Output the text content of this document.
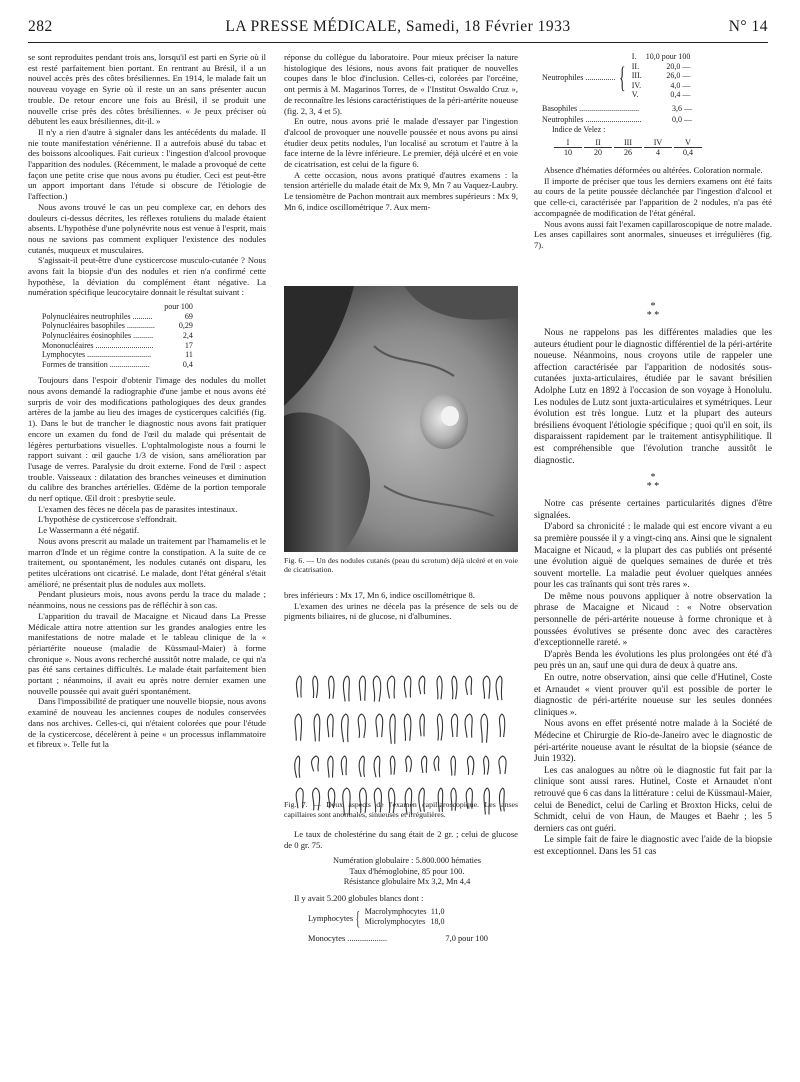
282	LA PRESSE MÉDICALE, Samedi, 18 Février 1933	N° 14

se sont reproduites pendant trois ans, lorsqu'il est parti en Syrie où il est resté parfaitement bien portant. En rentrant au Brésil, il a un nouvel accès près des côtes brésiliennes. En 1914, le malade fait un nouveau voyage en Syrie où il reste un an sans présenter aucun trouble. De retour encore une fois au Brésil, il se produit une nouvelle crise près des côtes brésiliennes. « Je peux préciser où débutent les eaux brésiliennes, dit-il. »

Il n'y a rien d'autre à signaler dans les antécédents du malade. Il nie toute manifestation vénérienne. Il a autrefois abusé du tabac et des boissons alcooliques. Fait curieux : l'ingestion d'alcool provoque l'apparition des nodules. (Récemment, le malade a provoqué de cette façon une petite crise que nous avons pu étudier. Ceci est peut-être un apport important dans l'étude si obscure de l'étiologie de l'affection.)

Nous avons trouvé le cas un peu complexe car, en dehors des douleurs ci-dessus décrites, les réflexes rotuliens du malade étaient absents. L'hypothèse d'une polynévrite nous est venue à l'esprit, mais nous ne savions pas comment expliquer l'existence des nodules cutanés, muqueux et musculaires.

S'agissait-il peut-être d'une cysticercose musculo-cutanée ? Nous avons fait la biopsie d'un des nodules et rien n'a confirmé cette hypothèse, la déviation du complément étant négative. La numération spécifique leucocytaire donnait le résultat suivant :

	pour 100
Polynucléaires neutrophiles ..........	69
Polynucléaires basophiles ..............	0,29
Polynucléaires éosinophiles ..........	2,4
Mononucléaires .............................	17
Lymphocytes ................................	11
Formes de transition ....................	0,4

Toujours dans l'espoir d'obtenir l'image des nodules du mollet nous avons demandé la radiographie d'une jambe et nous avons été surpris de voir des modifications pathologiques des deux grandes artères de la jambe au lieu des images de cysticerques calcifiés (fig. 1). Dans le but de trancher le diagnostic nous avons fait pratiquer encore un examen du fond de l'œil du malade qui présentait de légères perturbations visuelles. L'ophtalmologiste nous a fourni le rapport suivant : œil gauche 1/3 de vision, sans amélioration par l'usage de verres. Paralysie du droit externe. Fond de l'œil : aspect trouble. Vaisseaux : dilatation des branches veineuses et diminution du calibre des branches artérielles. Œdème de la portion temporale du nerf optique. Œil droit : presbytie seule.

L'examen des fèces ne décela pas de parasites intestinaux.

L'hypothèse de cysticercose s'effondrait.

Le Wassermann a été négatif.

Nous avons prescrit au malade un traitement par l'hamamelis et le marron d'Inde et un régime contre la constipation. A la suite de ce traitement, ou spontanément, les nodules cutanés ont disparu, les petites ulcérations ont cicatrisé. Le malade, dont l'état général s'était amélioré, ne présentait plus de nodules aux mollets.

Pendant plusieurs mois, nous avons perdu la trace du malade ; néanmoins, nous ne cessions pas de réfléchir à son cas.

L'apparition du travail de Macaigne et Nicaud dans La Presse Médicale attira notre attention sur les grandes analogies entre les manifestations de notre malade et le tableau clinique de la « périartérite noueuse (maladie de Küssmaul-Maier) à forme chronique ». Nous avons recherché aussitôt notre malade, ce qui n'a pas été sans certaines difficultés. Le malade était parfaitement bien portant ; néanmoins, il avait eu après notre dernier examen une nouvelle poussée qui avait guéri spontanément.

Dans l'impossibilité de pratiquer une nouvelle biopsie, nous avons examiné de nouveau les anciennes coupes de nodules conservées dans nos archives. Celles-ci, qui n'étaient colorées que pour l'étude de la cysticercose, décelèrent à peine « un processus inflammatoire et fibreux ». Telle fut la

réponse du collègue du laboratoire. Pour mieux préciser la nature histologique des lésions, nous avons fait pratiquer de nouvelles coupes dans le bloc d'inclusion. Celles-ci, colorées par l'orcéine, ont permis à M. Magarinos Torres, de « l'Institut Oswaldo Cruz », de reconnaître les lésions caractéristiques de la péri-artérite noueuse (fig. 2, 3, 4 et 5).

En outre, nous avons prié le malade d'essayer par l'ingestion d'alcool de provoquer une nouvelle poussée et nous avons pu ainsi étudier deux petits nodules, l'un localisé au scrotum et l'autre à la face interne de la lèvre inférieure. Le premier, déjà ulcéré et en voie de cicatrisation, est celui de la figure 6.

A cette occasion, nous avons pratiqué d'autres examens : la tension artérielle du malade était de Mx 9, Mn 7 au Vaquez-Laubry. Le tensiomètre de Pachon montrait aux membres supérieurs : Mx 9, Mn 6, indice oscillométrique 7. Aux mem-

Neutrophiles ............... {
I.	10,0 pour 100
II.	20,0 —
III.	26,0 —
IV.	4,0 —
V.	0,4 —
Basophiles ..............................	3,6 —
Neutrophiles ............................	0,0 —
Indice de Velez :
$\frac{I}{10} \frac{II}{20} \frac{\text{III}}{26} \frac{IV}{4} \frac{V}{0,4}$

Absence d'hématies déformées ou altérées. Coloration normale.

Il importe de préciser que tous les derniers examens ont été faits au cours de la petite poussée déclanchée par l'ingestion d'alcool et que celle-ci, caractérisée par l'apparition de 2 nodules, n'a pas été accompagnée de modification de l'état général.

Nous avons aussi fait l'examen capillaroscopique de notre malade. Les anses capillaires sont anormales, sinueuses et irrégulières (fig. 7).

Fig. 6. — Un des nodules cutanés (peau du scrotum) déjà ulcéré et en voie de cicatrisation.

bres inférieurs : Mx 17, Mn 6, indice oscillométrique 8.

L'examen des urines ne décela pas la présence de sels ou de pigments biliaires, ni de glucose, ni d'albumines.

Fig. 7. — Deux aspects de l'examen capillaroscopique. Les anses capillaires sont anormales, sinueuses et irrégulières.

Le taux de cholestérine du sang était de 2 gr. ; celui de glucose de 0 gr. 75.

Numération globulaire : 5.800.000 hématies
Taux d'hémoglobine, 85 pour 100.
Résistance globulaire Mx 3,2, Mn 4,4

Il y avait 5.200 globules blancs dont :

Lymphocytes { Macrolymphocytes	11,0
Microlymphocytes	18,0
Monocytes ...................	7,0 pour 100
*
* *

Nous ne rappelons pas les différentes maladies que les auteurs étudient pour le diagnostic différentiel de la péri-artérite noueuse. Néanmoins, nous croyons utile de rappeler une affection caractérisée par l'apparition de nodosités sous-cutanées juxta-articulaires, étudiée par le savant brésilien Adolphe Lutz en 1892 à l'occasion de son voyage à Honolulu. Les nodules de Lutz sont juxta-articulaires et symétriques. Leur évolution est très longue. Lutz et la plupart des auteurs brésiliens évoquent l'étiologie spécifique ; quoi qu'il en soit, ils disparaissent rapidement par le traitement antisyphilitique. Il est compréhensible que l'évolution tranche aussitôt le diagnostic.

*
* *

Notre cas présente certaines particularités dignes d'être signalées.

D'abord sa chronicité : le malade qui est encore vivant a eu sa première poussée il y a vingt-cinq ans. Ainsi que le signalent Macaigne et Nicaud, « la plupart des cas publiés ont présenté une évolution aiguë de quelques semaines de durée et très souvent mortelle. La maladie peut évoluer quelques années pour les cas traînants qui sont très rares ».

De même nous pouvons appliquer à notre observation la phrase de Macaigne et Nicaud : « Notre observation personnelle de péri-artérite noueuse à forme chronique et à poussées évolutives se présente donc avec des caractères d'exceptionnelle rareté. »

D'après Benda les évolutions les plus prolongées ont été d'à peu près un an, sauf une qui dura de deux à quatre ans.

En outre, notre observation, ainsi que celle d'Hutinel, Coste et Arnaudet « vient prouver qu'il est possible de porter le diagnostic de péri-artérite noueuse sur les seules données cliniques ».

Nous avons en effet présenté notre malade à la Société de Médecine et Chirurgie de Rio-de-Janeiro avec le diagnostic de péri-artérite noueuse avant le résultat de la biopsie (séance de Juin 1932).

Les cas analogues au nôtre où le diagnostic fut fait par la clinique sont aussi rares. Hutinel, Coste et Arnaudet n'ont retrouvé que 6 cas dans la littérature : celui de Küssmaul-Maier, celui de Benedict, celui de Carling et Broxton Hicks, celui de Schmidt, celui de von Haun, de Mauges et Baehr ; les 5 derniers cas ont guéri.

Le simple fait de faire le diagnostic avec l'aide de la biopsie est exceptionnel. Dans les 51 cas
